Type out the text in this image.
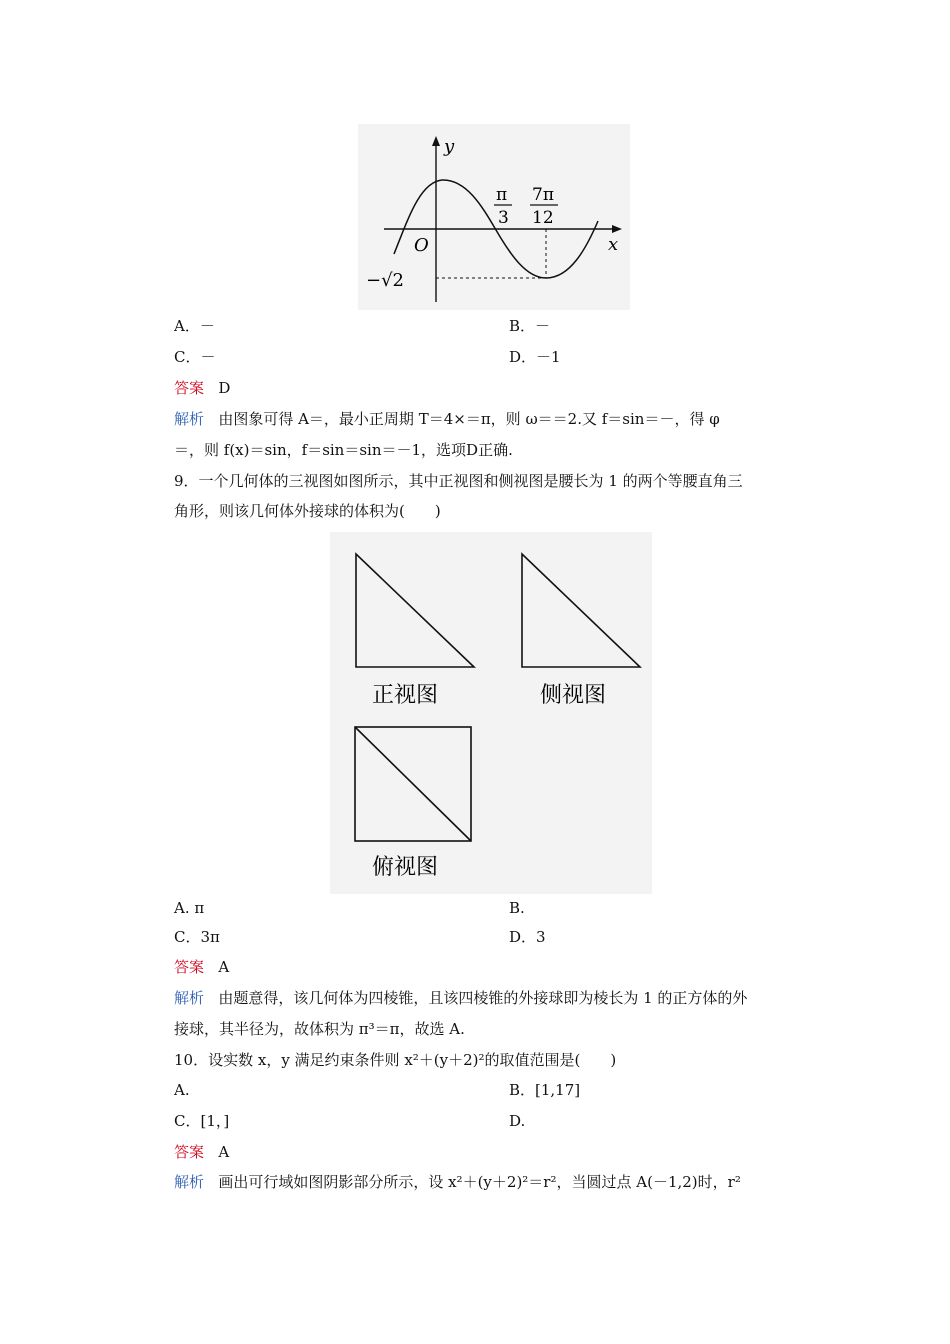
y
x
O
π
3
7π
12
−√2
A．－	B．－
C．－	D．－1
答案 D
解析 由图象可得 A＝，最小正周期 T＝4×＝π，则 ω＝＝2.又 f＝sin＝－，得 φ
＝，则 f(x)＝sin，f＝sin＝sin＝－1，选项D正确.
9．一个几何体的三视图如图所示，其中正视图和侧视图是腰长为 1 的两个等腰直角三
角形，则该几何体外接球的体积为(　　)
正视图	侧视图
俯视图
A. π	B.
C．3π	D．3
答案 A
解析 由题意得，该几何体为四棱锥，且该四棱锥的外接球即为棱长为 1 的正方体的外
接球，其半径为，故体积为 π³＝π，故选 A.
10．设实数 x，y 满足约束条件则 x²＋(y＋2)²的取值范围是(　　)
A.	B．[1,17]
C．[1，]	D.
答案 A
解析 画出可行域如图阴影部分所示，设 x²＋(y＋2)²＝r²，当圆过点 A(－1,2)时，r²
